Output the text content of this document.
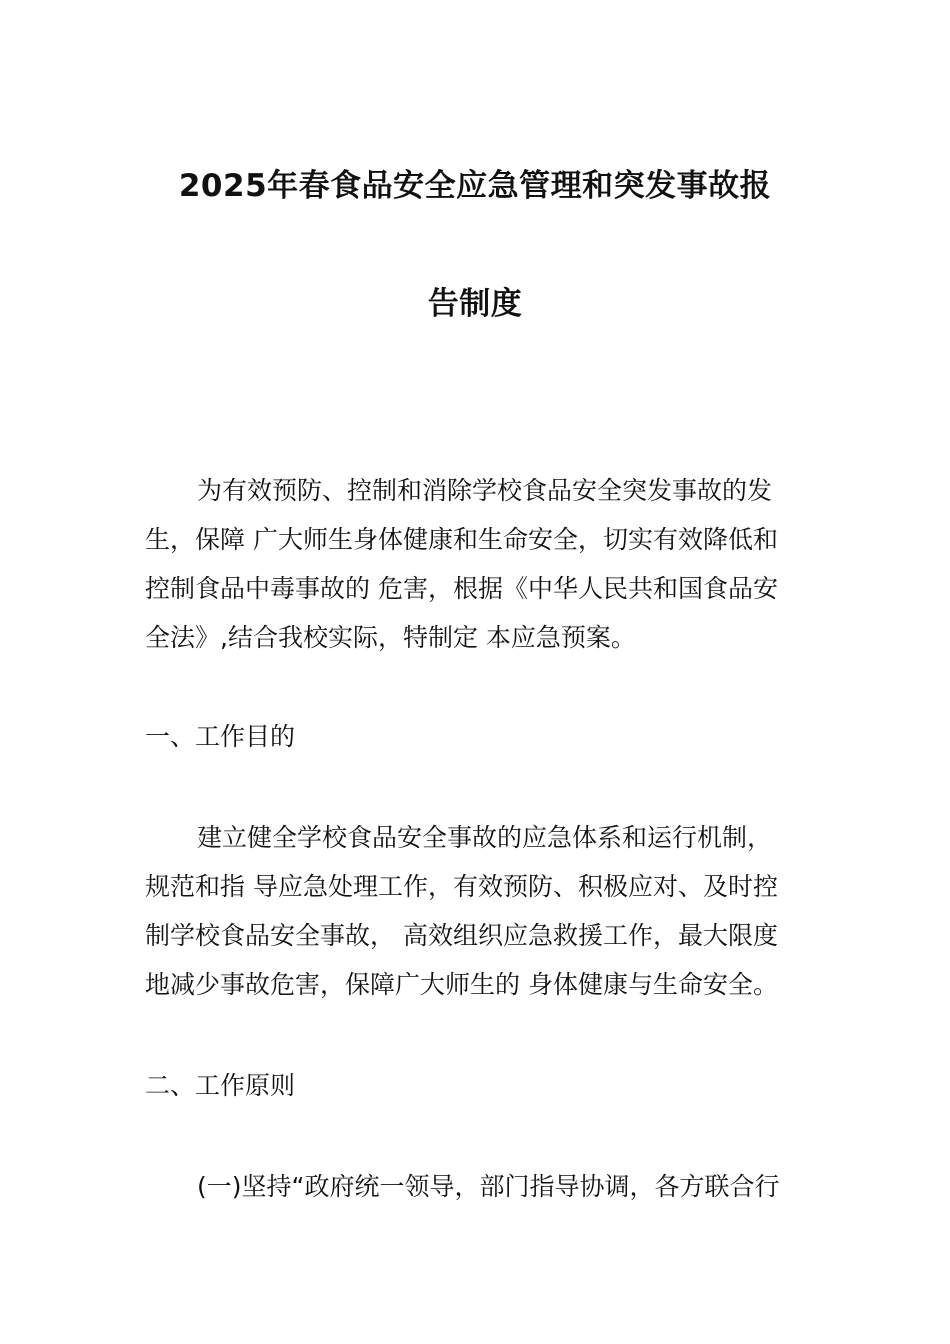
2025年春食品安全应急管理和突发事故报
告制度
为有效预防、控制和消除学校食品安全突发事故的发
生，保障 广大师生身体健康和生命安全，切实有效降低和
控制食品中毒事故的 危害，根据《中华人民共和国食品安
全法》,结合我校实际，特制定 本应急预案。
一、工作目的
建立健全学校食品安全事故的应急体系和运行机制，
规范和指 导应急处理工作，有效预防、积极应对、及时控
制学校食品安全事故， 高效组织应急救援工作，最大限度
地减少事故危害，保障广大师生的 身体健康与生命安全。
二、工作原则
(一)坚持“政府统一领导，部门指导协调，各方联合行
